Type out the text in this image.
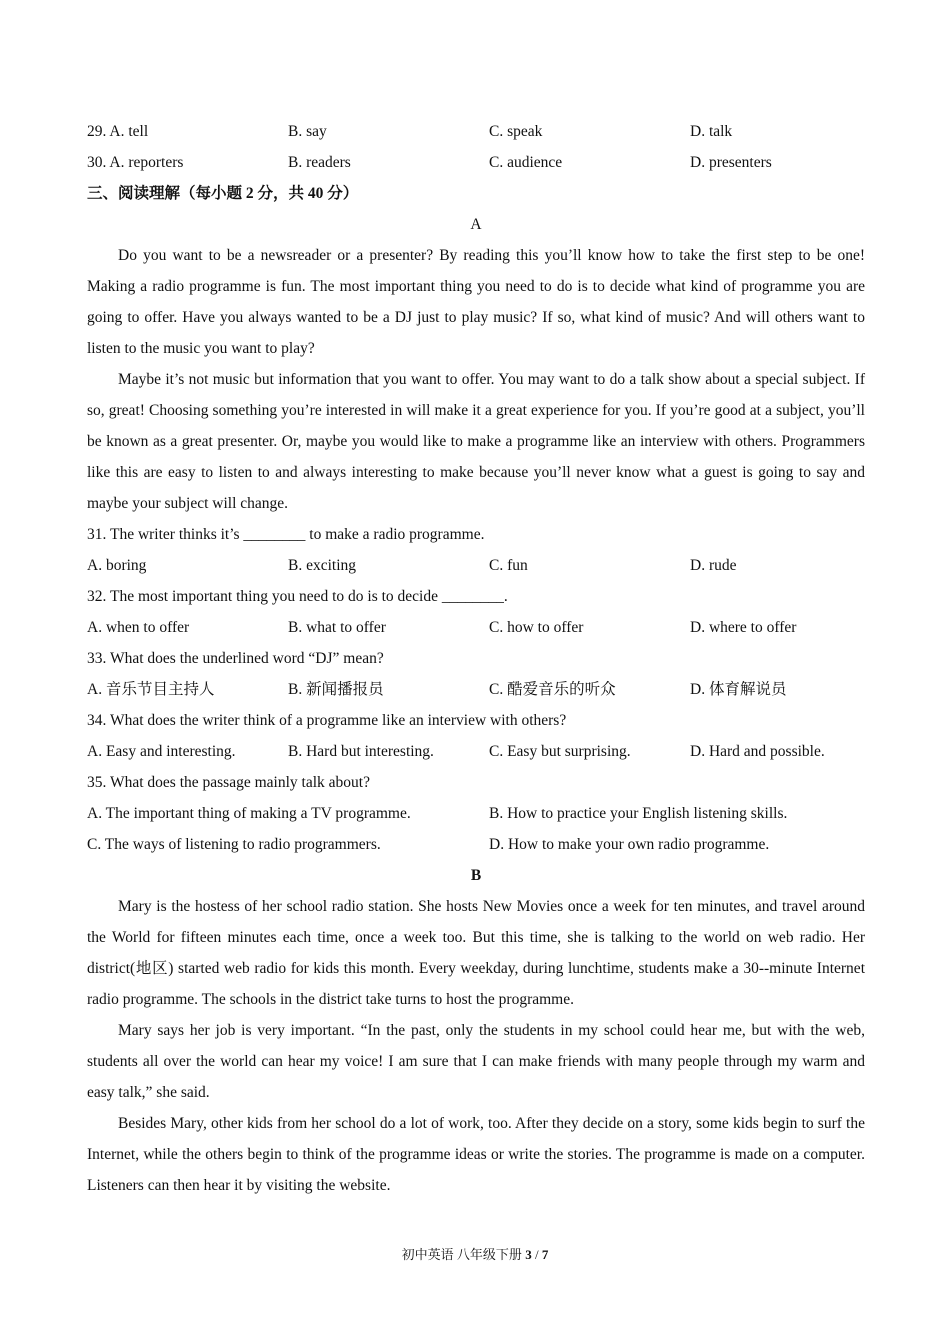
29. A. tell	B. say	C. speak	D. talk
30. A. reporters	B. readers	C. audience	D. presenters
三、阅读理解（每小题 2 分，共 40 分）
A

Do you want to be a newsreader or a presenter? By reading this you’ll know how to take the first step to be one! Making a radio programme is fun. The most important thing you need to do is to decide what kind of programme you are going to offer. Have you always wanted to be a DJ just to play music? If so, what kind of music? And will others want to listen to the music you want to play?

Maybe it’s not music but information that you want to offer. You may want to do a talk show about a special subject. If so, great! Choosing something you’re interested in will make it a great experience for you. If you’re good at a subject, you’ll be known as a great presenter. Or, maybe you would like to make a programme like an interview with others. Programmers like this are easy to listen to and always interesting to make because you’ll never know what a guest is going to say and maybe your subject will change.

31. The writer thinks it’s ________ to make a radio programme.
A. boring	B. exciting	C. fun	D. rude
32. The most important thing you need to do is to decide ________.
A. when to offer	B. what to offer	C. how to offer	D. where to offer
33. What does the underlined word “DJ” mean?
A. 音乐节目主持人	B. 新闻播报员	C. 酷爱音乐的听众	D. 体育解说员
34. What does the writer think of a programme like an interview with others?
A. Easy and interesting.	B. Hard but interesting.	C. Easy but surprising.	D. Hard and possible.
35. What does the passage mainly talk about?
A. The important thing of making a TV programme.	B. How to practice your English listening skills.
C. The ways of listening to radio programmers.	D. How to make your own radio programme.
B

Mary is the hostess of her school radio station. She hosts New Movies once a week for ten minutes, and travel around the World for fifteen minutes each time, once a week too. But this time, she is talking to the world on web radio. Her district(地区) started web radio for kids this month. Every weekday, during lunchtime, students make a 30--minute Internet radio programme. The schools in the district take turns to host the programme.

Mary says her job is very important. “In the past, only the students in my school could hear me, but with the web, students all over the world can hear my voice! I am sure that I can make friends with many people through my warm and easy talk,” she said.

Besides Mary, other kids from her school do a lot of work, too. After they decide on a story, some kids begin to surf the Internet, while the others begin to think of the programme ideas or write the stories. The programme is made on a computer. Listeners can then hear it by visiting the website.

初中英语 八年级下册 3 / 7
